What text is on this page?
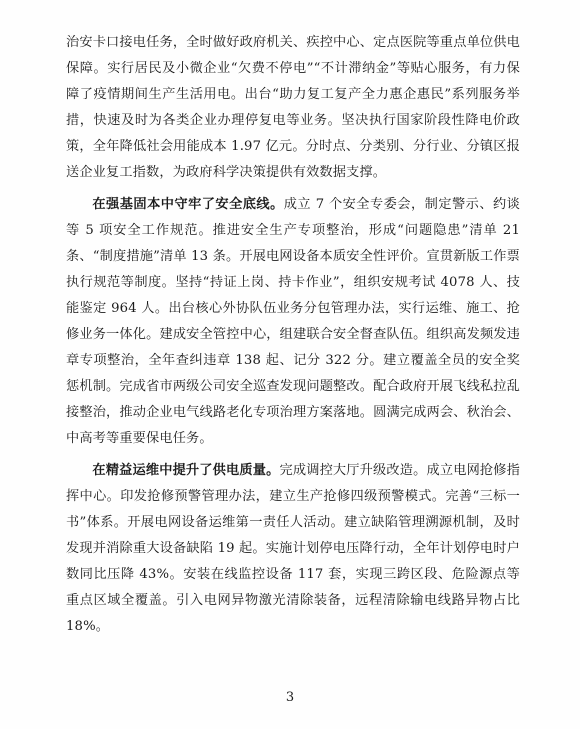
治安卡口接电任务，全时做好政府机关、疾控中心、定点医院等重点单位供电保障。实行居民及小微企业“欠费不停电”“不计滞纳金”等贴心服务，有力保障了疫情期间生产生活用电。出台“助力复工复产全力惠企惠民”系列服务举措，快速及时为各类企业办理停复电等业务。坚决执行国家阶段性降电价政策，全年降低社会用能成本 1.97 亿元。分时点、分类别、分行业、分镇区报送企业复工指数，为政府科学决策提供有效数据支撑。

在强基固本中守牢了安全底线。成立 7 个安全专委会，制定警示、约谈等 5 项安全工作规范。推进安全生产专项整治，形成“问题隐患”清单 21 条、“制度措施”清单 13 条。开展电网设备本质安全性评价。宣贯新版工作票执行规范等制度。坚持“持证上岗、持卡作业”，组织安规考试 4078 人、技能鉴定 964 人。出台核心外协队伍业务分包管理办法，实行运维、施工、抢修业务一体化。建成安全管控中心，组建联合安全督查队伍。组织高发频发违章专项整治，全年查纠违章 138 起、记分 322 分。建立覆盖全员的安全奖惩机制。完成省市两级公司安全巡查发现问题整改。配合政府开展飞线私拉乱接整治，推动企业电气线路老化专项治理方案落地。圆满完成两会、秋治会、中高考等重要保电任务。

在精益运维中提升了供电质量。完成调控大厅升级改造。成立电网抢修指挥中心。印发抢修预警管理办法，建立生产抢修四级预警模式。完善“三标一书”体系。开展电网设备运维第一责任人活动。建立缺陷管理溯源机制，及时发现并消除重大设备缺陷 19 起。实施计划停电压降行动，全年计划停电时户数同比压降 43%。安装在线监控设备 117 套，实现三跨区段、危险源点等重点区域全覆盖。引入电网异物激光清除装备，远程清除输电线路异物占比 18%。

3
